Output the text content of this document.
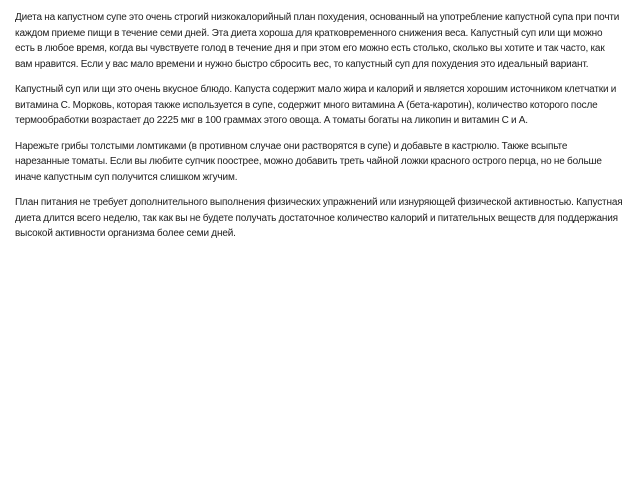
Диета на капустном супе это очень строгий низкокалорийный план похудения, основанный на употребление капустной супа при почти каждом приеме пищи в течение семи дней. Эта диета хороша для кратковременного снижения веса. Капустный суп или щи можно есть в любое время, когда вы чувствуете голод в течение дня и при этом его можно есть столько, сколько вы хотите и так часто, как вам нравится. Если у вас мало времени и нужно быстро сбросить вес, то капустный суп для похудения это идеальный вариант.

Капустный суп или щи это очень вкусное блюдо. Капуста содержит мало жира и калорий и является хорошим источником клетчатки и витамина С. Морковь, которая также используется в супе, содержит много витамина А (бета-каротин), количество которого после термообработки возрастает до 2225 мкг в 100 граммах этого овоща. А томаты богаты на ликопин и витамин С и А.

Нарежьте грибы толстыми ломтиками (в противном случае они растворятся в супе) и добавьте в кастрюлю. Также всыпьте нарезанные томаты. Если вы любите супчик поострее, можно добавить треть чайной ложки красного острого перца, но не больше иначе капустным суп получится слишком жгучим.

План питания не требует дополнительного выполнения физических упражнений или изнуряющей физической активностью. Капустная диета длится всего неделю, так как вы не будете получать достаточное количество калорий и питательных веществ для поддержания высокой активности организма более семи дней.
